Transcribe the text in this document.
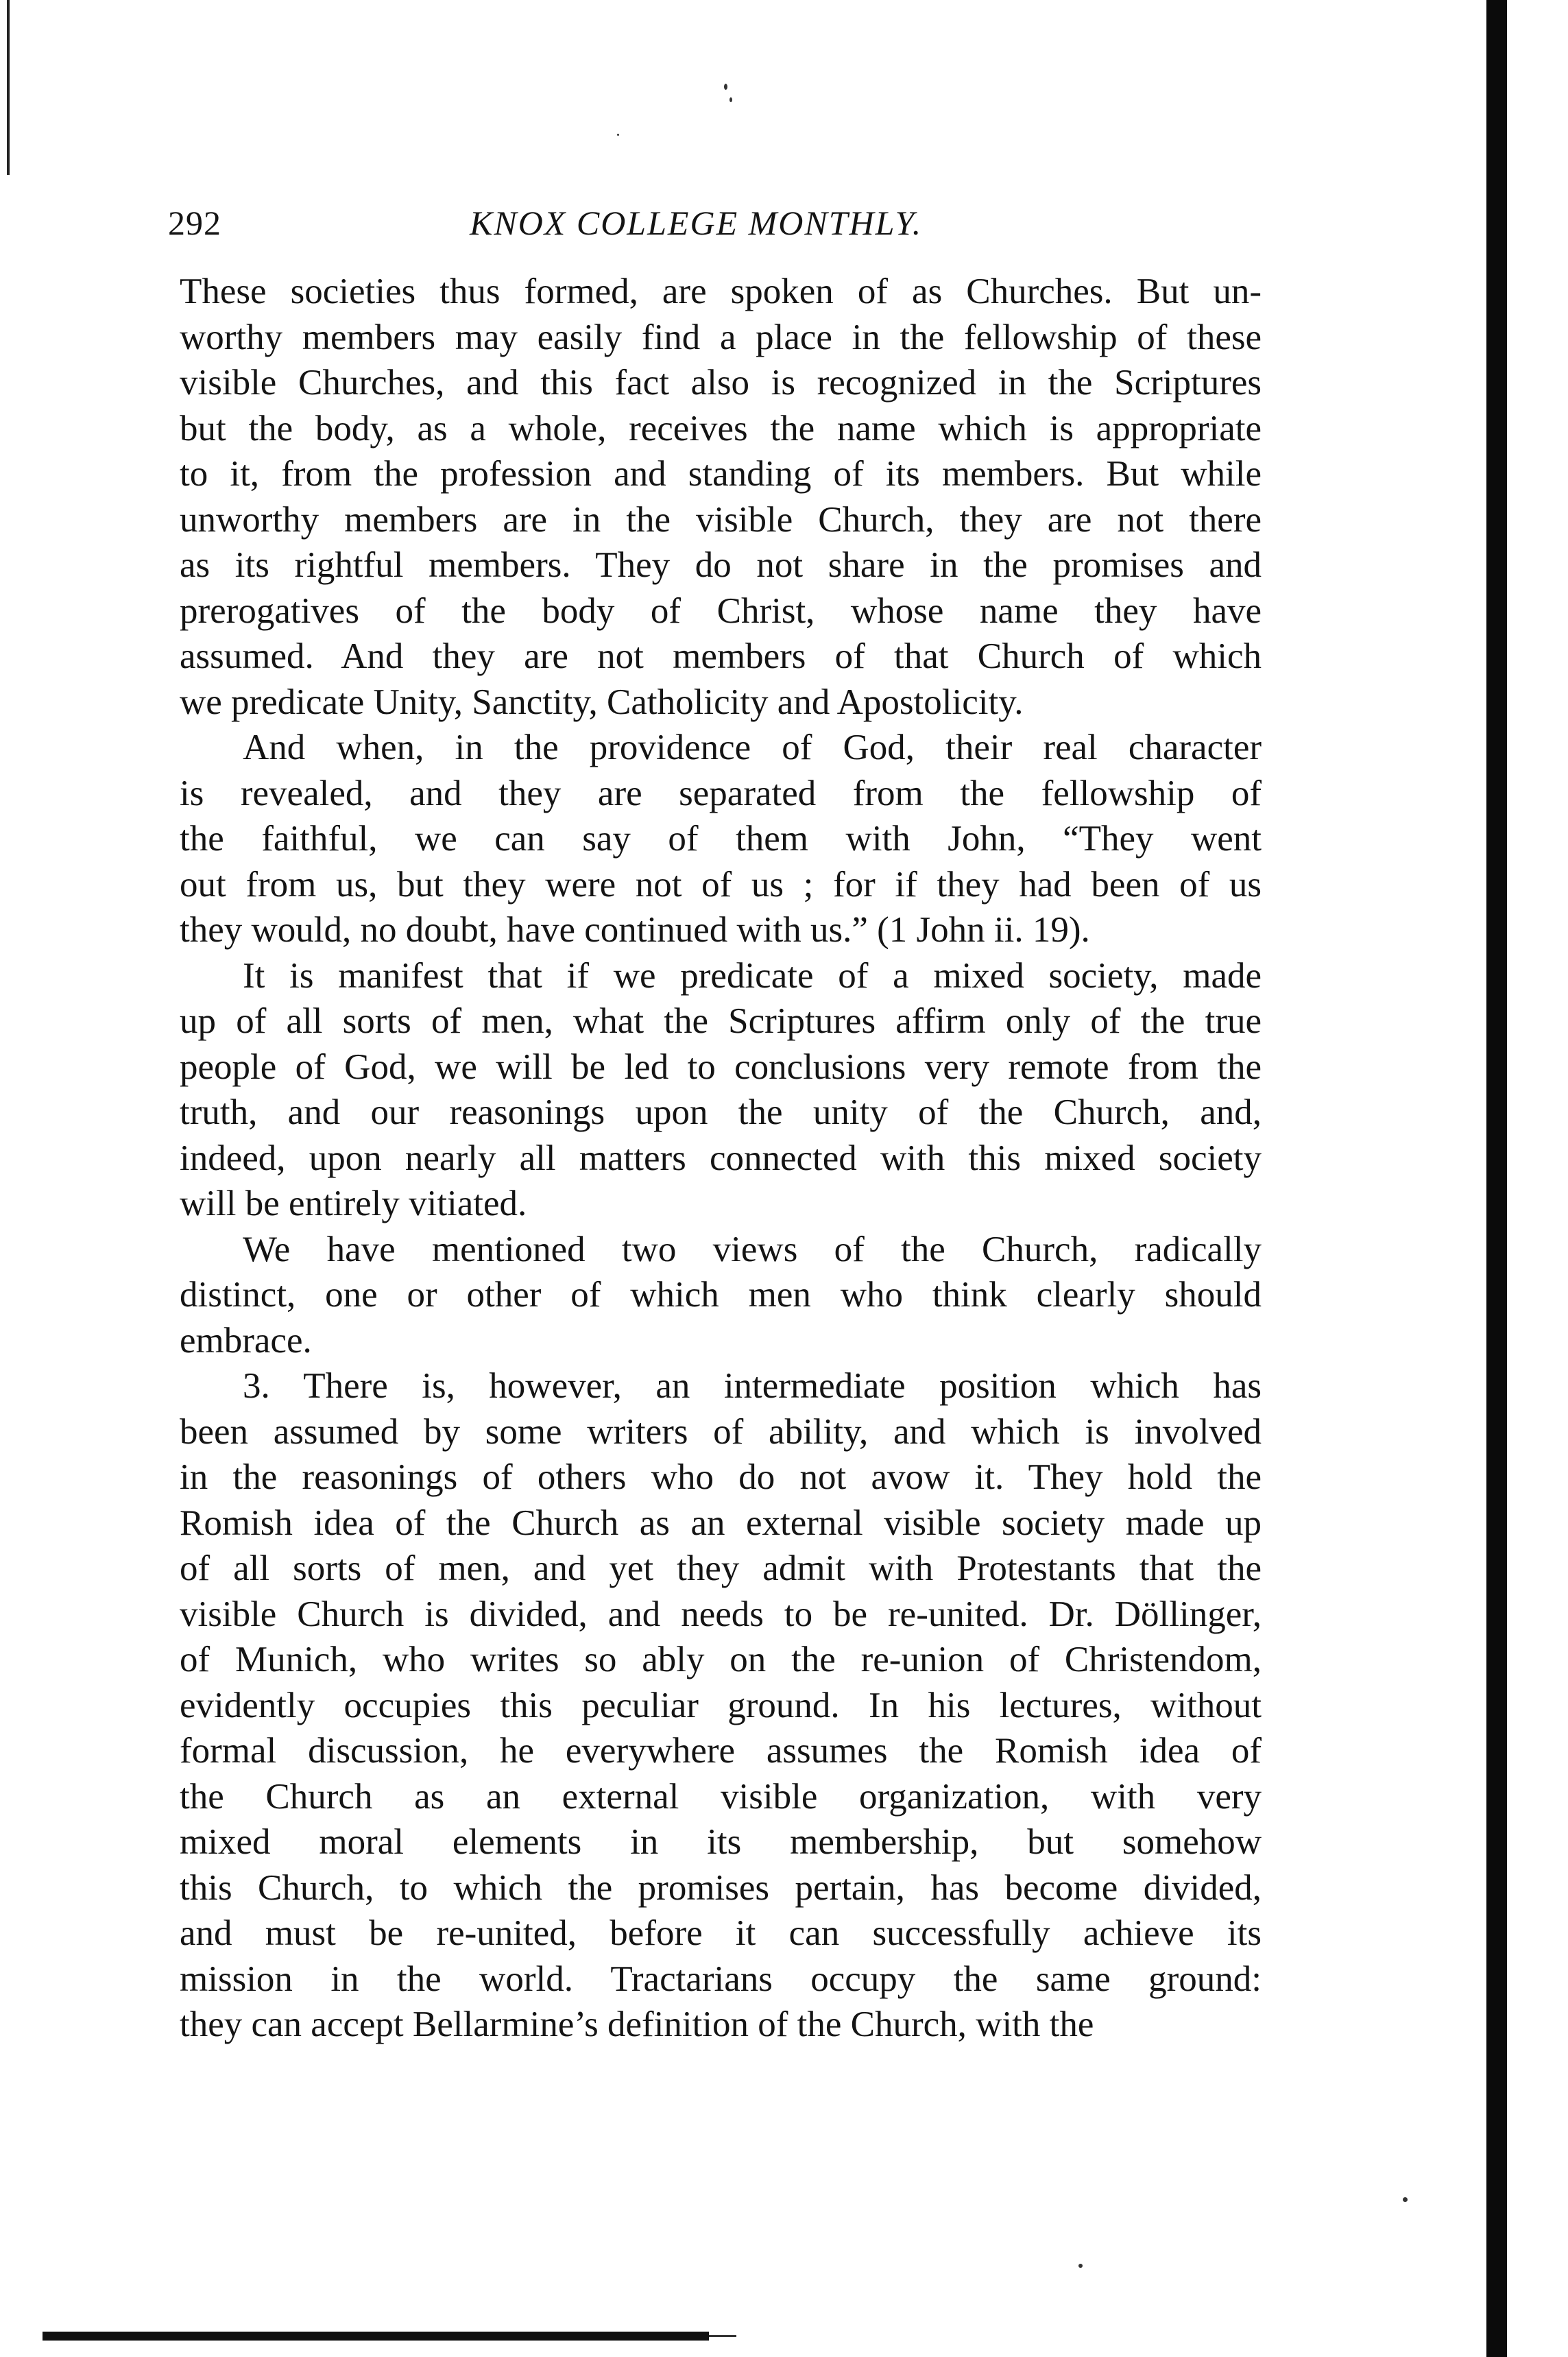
292	KNOX COLLEGE MONTHLY.
These societies thus formed, are spoken of as Churches. But un-
worthy members may easily find a place in the fellowship of these
visible Churches, and this fact also is recognized in the Scriptures
but the body, as a whole, receives the name which is appropriate
to it, from the profession and standing of its members. But while
unworthy members are in the visible Church, they are not there
as its rightful members. They do not share in the promises and
prerogatives of the body of Christ, whose name they have
assumed. And they are not members of that Church of which
we predicate Unity, Sanctity, Catholicity and Apostolicity.
And when, in the providence of God, their real character
is revealed, and they are separated from the fellowship of
the faithful, we can say of them with John, “They went
out from us, but they were not of us ; for if they had been of us
they would, no doubt, have continued with us.” (1 John ii. 19).
It is manifest that if we predicate of a mixed society, made
up of all sorts of men, what the Scriptures affirm only of the true
people of God, we will be led to conclusions very remote from the
truth, and our reasonings upon the unity of the Church, and,
indeed, upon nearly all matters connected with this mixed society
will be entirely vitiated.
We have mentioned two views of the Church, radically
distinct, one or other of which men who think clearly should
embrace.
3. There is, however, an intermediate position which has
been assumed by some writers of ability, and which is involved
in the reasonings of others who do not avow it. They hold the
Romish idea of the Church as an external visible society made up
of all sorts of men, and yet they admit with Protestants that the
visible Church is divided, and needs to be re-united. Dr. Döllinger,
of Munich, who writes so ably on the re-union of Christendom,
evidently occupies this peculiar ground. In his lectures, without
formal discussion, he everywhere assumes the Romish idea of
the Church as an external visible organization, with very
mixed moral elements in its membership, but somehow
this Church, to which the promises pertain, has become divided,
and must be re-united, before it can successfully achieve its
mission in the world. Tractarians occupy the same ground:
they can accept Bellarmine’s definition of the Church, with the
